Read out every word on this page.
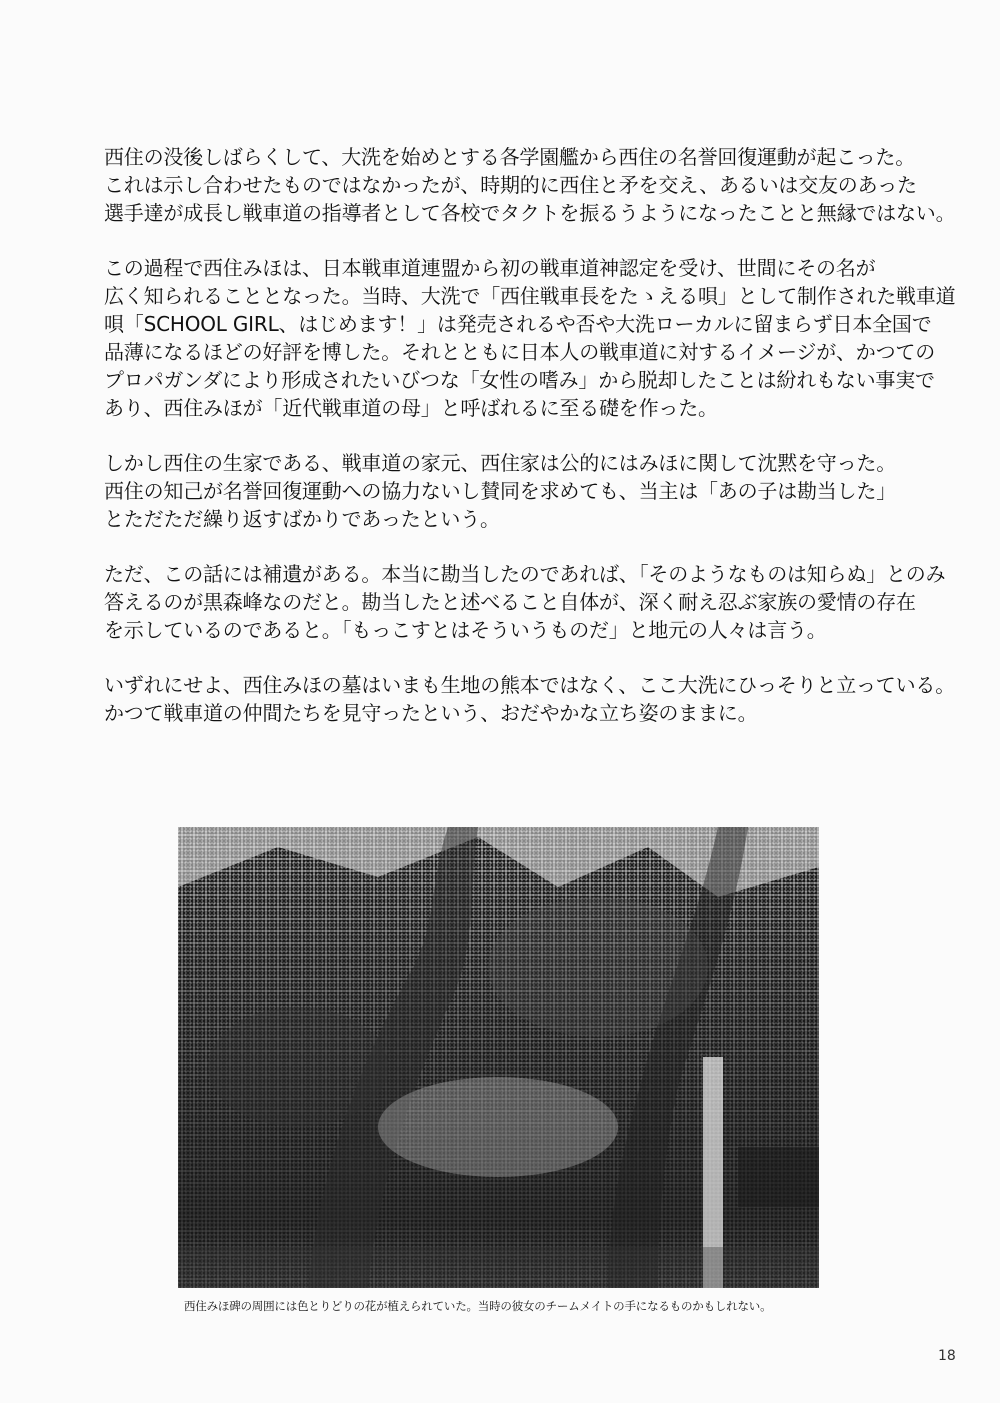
西住の没後しばらくして、大洗を始めとする各学園艦から西住の名誉回復運動が起こった。
これは示し合わせたものではなかったが、時期的に西住と矛を交え、あるいは交友のあった
選手達が成長し戦車道の指導者として各校でタクトを振るうようになったことと無縁ではない。
この過程で西住みほは、日本戦車道連盟から初の戦車道神認定を受け、世間にその名が
広く知られることとなった。当時、大洗で「西住戦車長をたゝえる唄」として制作された戦車道
唄「SCHOOL GIRL、はじめます！」は発売されるや否や大洗ローカルに留まらず日本全国で
品薄になるほどの好評を博した。それとともに日本人の戦車道に対するイメージが、かつての
プロパガンダにより形成されたいびつな「女性の嗜み」から脱却したことは紛れもない事実で
あり、西住みほが「近代戦車道の母」と呼ばれるに至る礎を作った。
しかし西住の生家である、戦車道の家元、西住家は公的にはみほに関して沈黙を守った。
西住の知己が名誉回復運動への協力ないし賛同を求めても、当主は「あの子は勘当した」
とただただ繰り返すばかりであったという。
ただ、この話には補遺がある。本当に勘当したのであれば、「そのようなものは知らぬ」とのみ
答えるのが黒森峰なのだと。勘当したと述べること自体が、深く耐え忍ぶ家族の愛情の存在
を示しているのであると。「もっこすとはそういうものだ」と地元の人々は言う。
いずれにせよ、西住みほの墓はいまも生地の熊本ではなく、ここ大洗にひっそりと立っている。
かつて戦車道の仲間たちを見守ったという、おだやかな立ち姿のままに。
西住みほ碑の周囲には色とりどりの花が植えられていた。当時の彼女のチームメイトの手になるものかもしれない。
18
